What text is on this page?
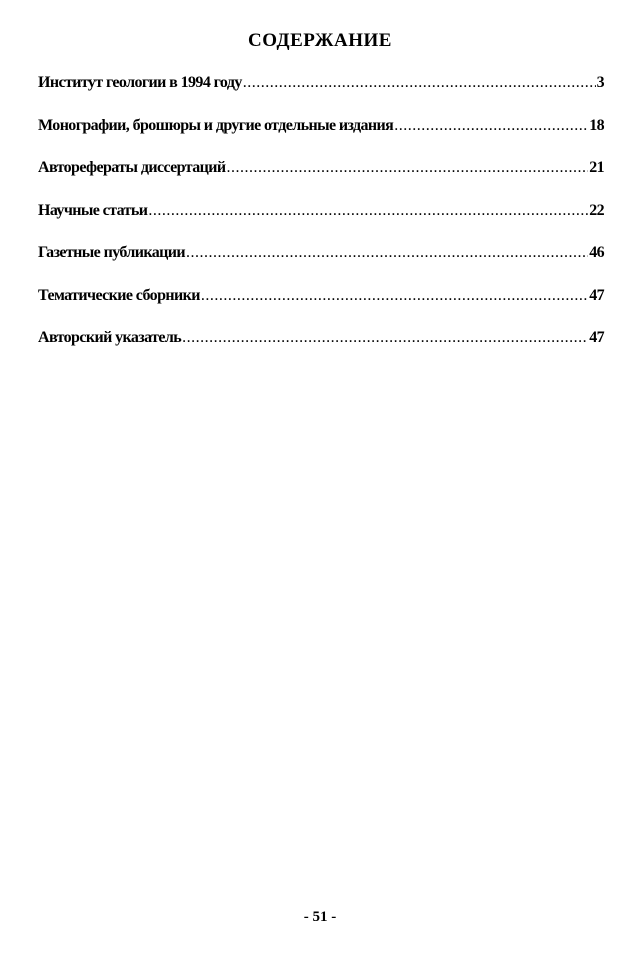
СОДЕРЖАНИЕ
Институт геологии в 1994 году .....	3
Монографии, брошюры и другие отдельные издания .....	18
Авторефераты диссертаций .....	21
Научные статьи .....	22
Газетные публикации .....	46
Тематические сборники .....	47
Авторский указатель .....	47
- 51 -
